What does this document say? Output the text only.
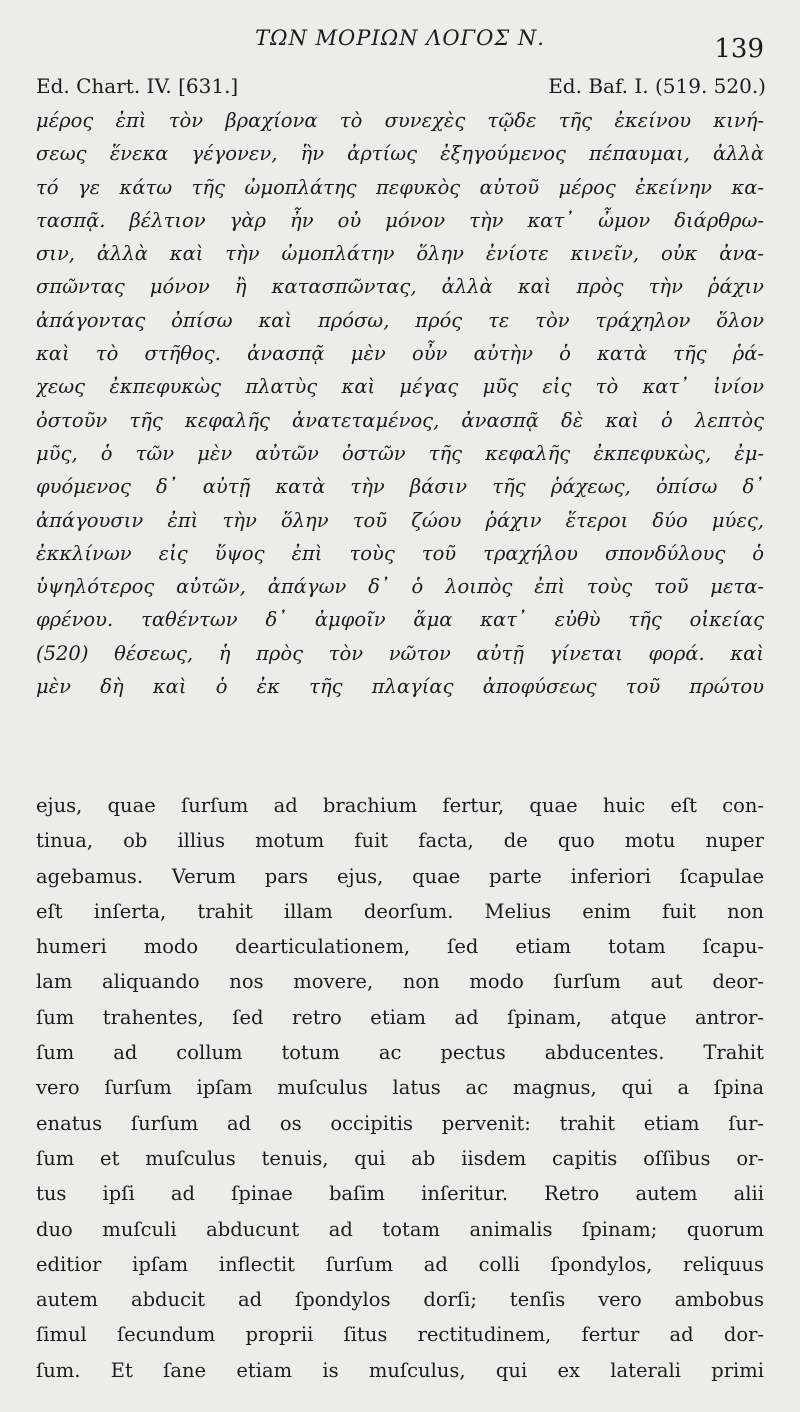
ΤΩΝ ΜΟΡΙΩΝ ΛΟΓΟΣ Ν.	139
Ed. Chart. IV. [631.]	Ed. Baf. I. (519. 520.)
μέρος ἐπὶ τὸν βραχίονα τὸ συνεχὲς τῷδε τῆς ἐκείνου κινή-
σεως ἕνεκα γέγονεν, ἣν ἀρτίως ἐξηγούμενος πέπαυμαι, ἀλλὰ
τό γε κάτω τῆς ὠμοπλάτης πεφυκὸς αὐτοῦ μέρος ἐκείνην κα-
τασπᾷ. βέλτιον γὰρ ἦν οὐ μόνον τὴν κατ᾽ ὦμον διάρθρω-
σιν, ἀλλὰ καὶ τὴν ὠμοπλάτην ὅλην ἐνίοτε κινεῖν, οὐκ ἀνα-
σπῶντας μόνον ἢ κατασπῶντας, ἀλλὰ καὶ πρὸς τὴν ῥάχιν
ἀπάγοντας ὀπίσω καὶ πρόσω, πρός τε τὸν τράχηλον ὅλον
καὶ τὸ στῆθος. ἀνασπᾷ μὲν οὖν αὐτὴν ὁ κατὰ τῆς ῥά-
χεως ἐκπεφυκὼς πλατὺς καὶ μέγας μῦς εἰς τὸ κατ᾽ ἰνίον
ὀστοῦν τῆς κεφαλῆς ἀνατεταμένος, ἀνασπᾷ δὲ καὶ ὁ λεπτὸς
μῦς, ὁ τῶν μὲν αὐτῶν ὀστῶν τῆς κεφαλῆς ἐκπεφυκὼς, ἐμ-
φυόμενος δ᾽ αὐτῇ κατὰ τὴν βάσιν τῆς ῥάχεως, ὀπίσω δ᾽
ἀπάγουσιν ἐπὶ τὴν ὅλην τοῦ ζώου ῥάχιν ἕτεροι δύο μύες,
ἐκκλίνων εἰς ὕψος ἐπὶ τοὺς τοῦ τραχήλου σπονδύλους ὁ
ὑψηλότερος αὐτῶν, ἀπάγων δ᾽ ὁ λοιπὸς ἐπὶ τοὺς τοῦ μετα-
φρένου. ταθέντων δ᾽ ἀμφοῖν ἅμα κατ᾽ εὐθὺ τῆς οἰκείας
(520) θέσεως, ἡ πρὸς τὸν νῶτον αὐτῇ γίνεται φορά. καὶ
μὲν δὴ καὶ ὁ ἐκ τῆς πλαγίας ἀποφύσεως τοῦ πρώτου
ejus, quae ſurſum ad brachium fertur, quae huic eſt con-
tinua, ob illius motum fuit facta, de quo motu nuper
agebamus. Verum pars ejus, quae parte inferiori ſcapulae
eſt inſerta, trahit illam deorſum. Melius enim fuit non
humeri modo dearticulationem, ſed etiam totam ſcapu-
lam aliquando nos movere, non modo ſurſum aut deor-
ſum trahentes, ſed retro etiam ad ſpinam, atque antror-
ſum ad collum totum ac pectus abducentes. Trahit
vero ſurſum ipſam muſculus latus ac magnus, qui a ſpina
enatus ſurſum ad os occipitis pervenit: trahit etiam ſur-
ſum et muſculus tenuis, qui ab iisdem capitis oſſibus or-
tus ipſi ad ſpinae baſim inſeritur. Retro autem alii
duo muſculi abducunt ad totam animalis ſpinam; quorum
editior ipſam inflectit ſurſum ad colli ſpondylos, reliquus
autem abducit ad ſpondylos dorſi; tenſis vero ambobus
ſimul ſecundum proprii ſitus rectitudinem, fertur ad dor-
ſum. Et ſane etiam is muſculus, qui ex laterali primi
